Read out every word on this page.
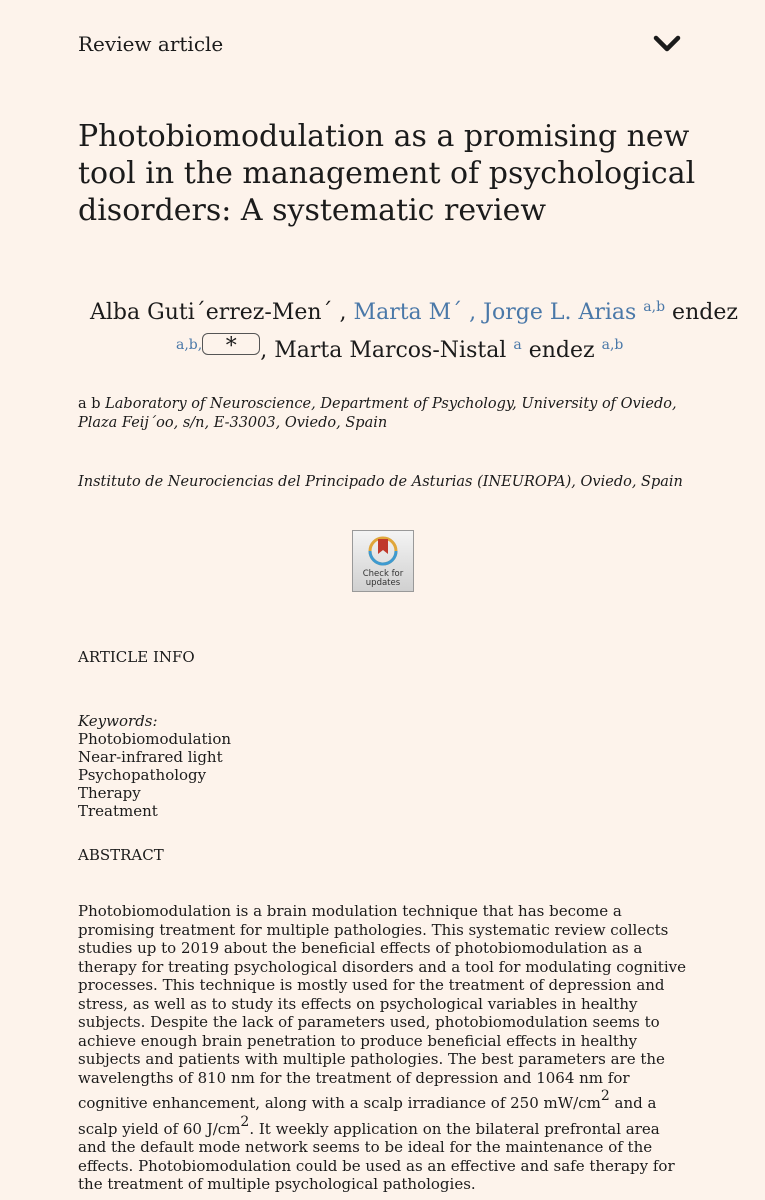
Review article
Photobiomodulation as a promising new tool in the management of psychological disorders: A systematic review
Alba Guti´errez-Men´ , Marta M´ , Jorge L. Arias $^{a,b}$ endez
$^{a,b,}$ * , Marta Marcos-Nistal $^a$ endez $^{a,b}$
a b Laboratory of Neuroscience, Department of Psychology, University of Oviedo, Plaza Feij´oo, s/n, E-33003, Oviedo, Spain
Instituto de Neurociencias del Principado de Asturias (INEUROPA), Oviedo, Spain
Check for
updates
ARTICLE INFO
Keywords:
Photobiomodulation
Near-infrared light
Psychopathology
Therapy
Treatment
ABSTRACT
Photobiomodulation is a brain modulation technique that has become a promising treatment for multiple pathologies. This systematic review collects studies up to 2019 about the beneficial effects of photobiomodulation as a therapy for treating psychological disorders and a tool for modulating cognitive processes. This technique is mostly used for the treatment of depression and stress, as well as to study its effects on psychological variables in healthy subjects. Despite the lack of parameters used, photobiomodulation seems to achieve enough brain penetration to produce beneficial effects in healthy subjects and patients with multiple pathologies. The best parameters are the wavelengths of 810 nm for the treatment of depression and 1064 nm for cognitive enhancement, along with a scalp irradiance of 250 $mW/cm^2$ and a scalp yield of 60 $J/cm^2$. It weekly application on the bilateral prefrontal area and the default mode network seems to be ideal for the maintenance of the effects. Photobiomodulation could be used as an effective and safe therapy for the treatment of multiple psychological pathologies.
